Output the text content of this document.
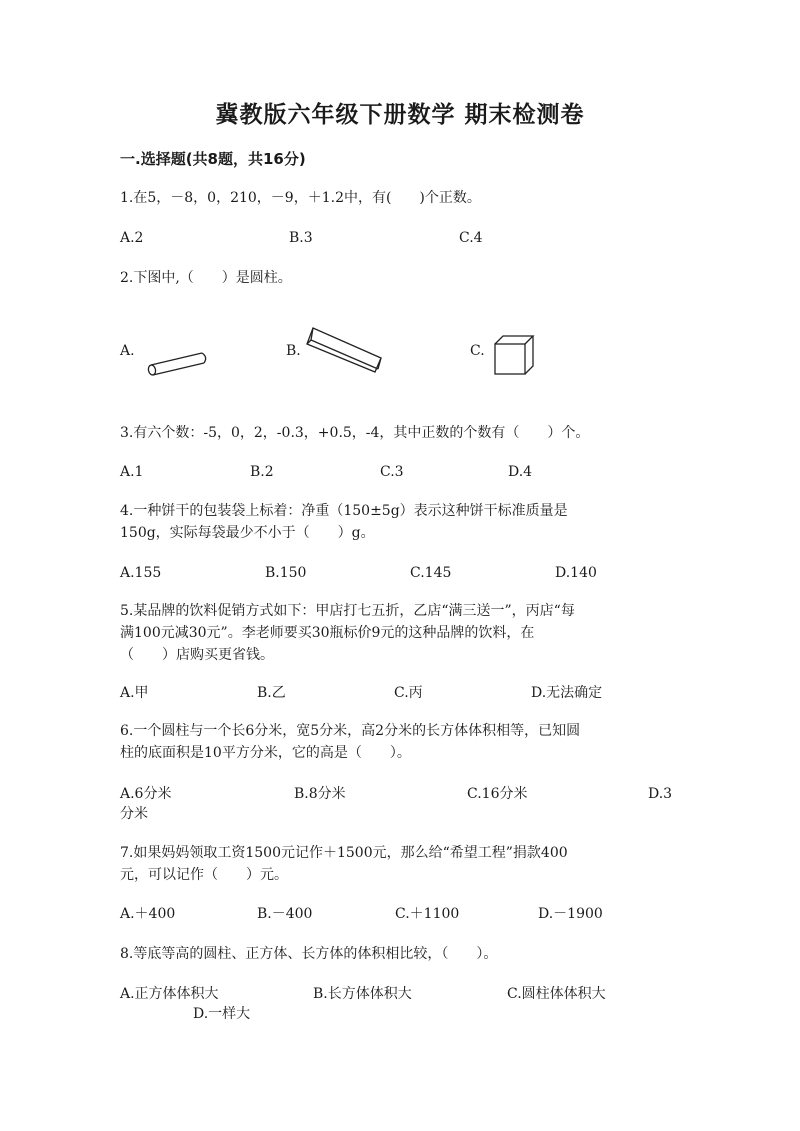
冀教版六年级下册数学 期末检测卷
一.选择题(共8题，共16分)
1.在5，－8，0，210，－9，＋1.2中，有(　　)个正数。
A.2	B.3	C.4
2.下图中,（　　）是圆柱。
A.	B.	C.
3.有六个数：-5，0，2，-0.3，+0.5，-4，其中正数的个数有（　　）个。
A.1	B.2	C.3	D.4
4.一种饼干的包装袋上标着：净重（150±5g）表示这种饼干标准质量是
150g，实际每袋最少不小于（　　）g。
A.155	B.150	C.145	D.140
5.某品牌的饮料促销方式如下：甲店打七五折，乙店“满三送一”，丙店“每
满100元减30元”。李老师要买30瓶标价9元的这种品牌的饮料，在
（　　）店购买更省钱。
A.甲	B.乙	C.丙	D.无法确定
6.一个圆柱与一个长6分米，宽5分米，高2分米的长方体体积相等，已知圆
柱的底面积是10平方分米，它的高是（　　）。
A.6分米	B.8分米	C.16分米	D.3
分米
7.如果妈妈领取工资1500元记作＋1500元，那么给“希望工程”捐款400
元，可以记作（　　）元。
A.＋400	B.－400	C.＋1100	D.－1900
8.等底等高的圆柱、正方体、长方体的体积相比较，（　　）。
A.正方体体积大	B.长方体体积大	C.圆柱体体积大
D.一样大
